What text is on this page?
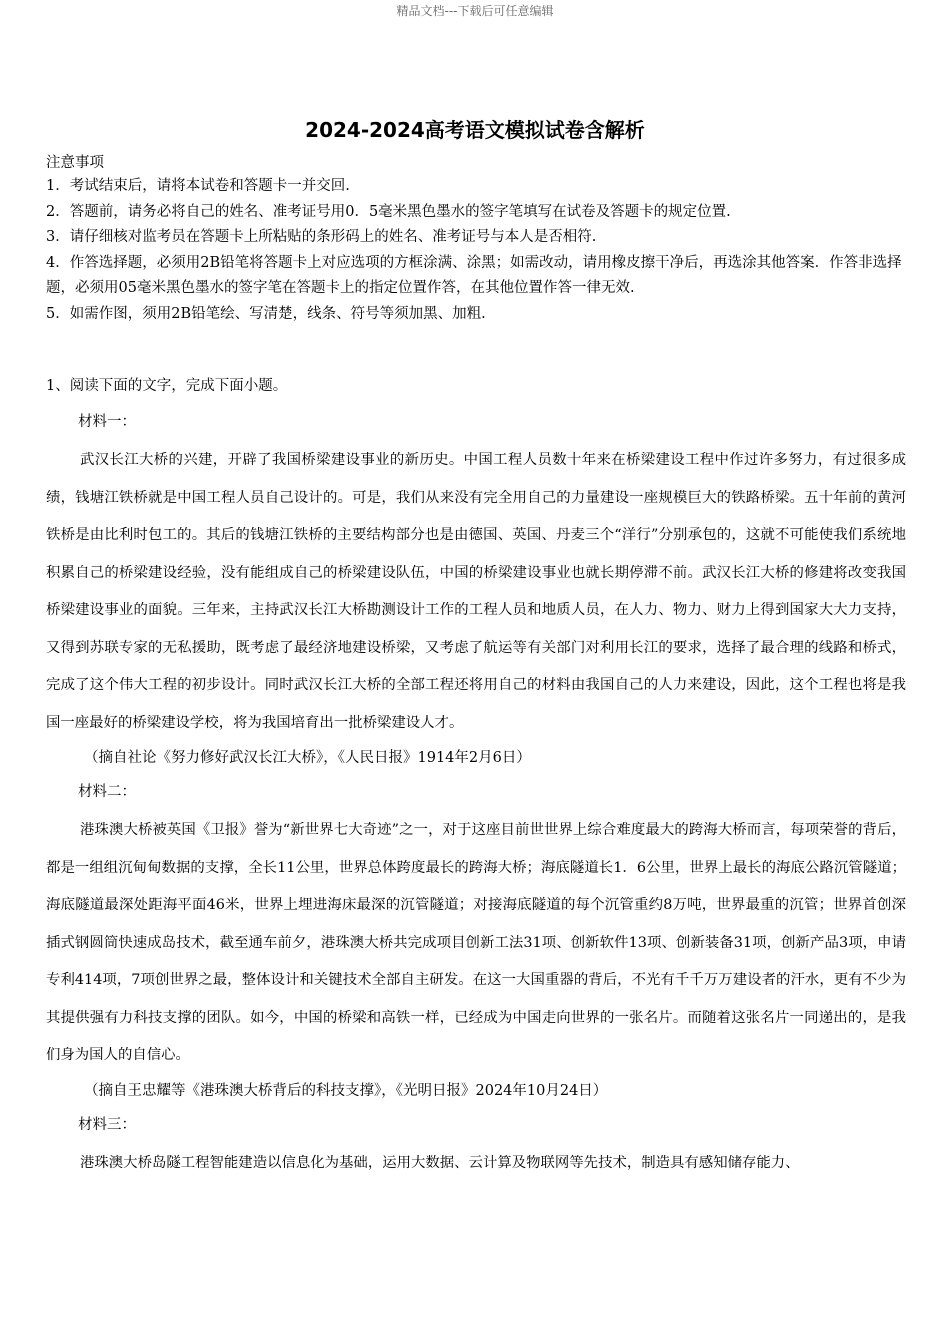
精品文档---下载后可任意编辑
2024-2024高考语文模拟试卷含解析
注意事项

1．考试结束后，请将本试卷和答题卡一并交回.

2．答题前，请务必将自己的姓名、准考证号用0．5毫米黑色墨水的签字笔填写在试卷及答题卡的规定位置.

3．请仔细核对监考员在答题卡上所粘贴的条形码上的姓名、准考证号与本人是否相符.

4．作答选择题，必须用2B铅笔将答题卡上对应选项的方框涂满、涂黑；如需改动，请用橡皮擦干净后，再选涂其他答案．作答非选择题，必须用05毫米黑色墨水的签字笔在答题卡上的指定位置作答，在其他位置作答一律无效.

5．如需作图，须用2B铅笔绘、写清楚，线条、符号等须加黑、加粗.

1、阅读下面的文字，完成下面小题。

材料一：

武汉长江大桥的兴建，开辟了我国桥梁建设事业的新历史。中国工程人员数十年来在桥梁建设工程中作过许多努力，有过很多成绩，钱塘江铁桥就是中国工程人员自己设计的。可是，我们从来没有完全用自己的力量建设一座规模巨大的铁路桥梁。五十年前的黄河铁桥是由比利时包工的。其后的钱塘江铁桥的主要结构部分也是由德国、英国、丹麦三个“洋行”分别承包的，这就不可能使我们系统地积累自己的桥梁建设经验，没有能组成自己的桥梁建设队伍，中国的桥梁建设事业也就长期停滞不前。武汉长江大桥的修建将改变我国桥梁建设事业的面貌。三年来，主持武汉长江大桥勘测设计工作的工程人员和地质人员，在人力、物力、财力上得到国家大大力支持，又得到苏联专家的无私援助，既考虑了最经济地建设桥梁，又考虑了航运等有关部门对利用长江的要求，选择了最合理的线路和桥式，完成了这个伟大工程的初步设计。同时武汉长江大桥的全部工程还将用自己的材料由我国自己的人力来建设，因此，这个工程也将是我国一座最好的桥梁建设学校，将为我国培育出一批桥梁建设人才。

（摘自社论《努力修好武汉长江大桥》，《人民日报》1914年2月6日）

材料二：

港珠澳大桥被英国《卫报》誉为“新世界七大奇迹”之一，对于这座目前世世界上综合难度最大的跨海大桥而言，每项荣誉的背后，都是一组组沉甸甸数据的支撑，全长11公里，世界总体跨度最长的跨海大桥；海底隧道长1．6公里，世界上最长的海底公路沉管隧道；海底隧道最深处距海平面46米，世界上埋进海床最深的沉管隧道；对接海底隧道的每个沉管重约8万吨，世界最重的沉管；世界首创深插式钢圆筒快速成岛技术，截至通车前夕，港珠澳大桥共完成项目创新工法31项、创新软件13项、创新装备31项，创新产品3项，申请专利414项，7项创世界之最，整体设计和关键技术全部自主研发。在这一大国重器的背后，不光有千千万万建设者的汗水，更有不少为其提供强有力科技支撑的团队。如今，中国的桥梁和高铁一样，已经成为中国走向世界的一张名片。而随着这张名片一同递出的，是我们身为国人的自信心。

（摘自王忠耀等《港珠澳大桥背后的科技支撑》，《光明日报》2024年10月24日）

材料三：

港珠澳大桥岛隧工程智能建造以信息化为基础，运用大数据、云计算及物联网等先技术，制造具有感知储存能力、
